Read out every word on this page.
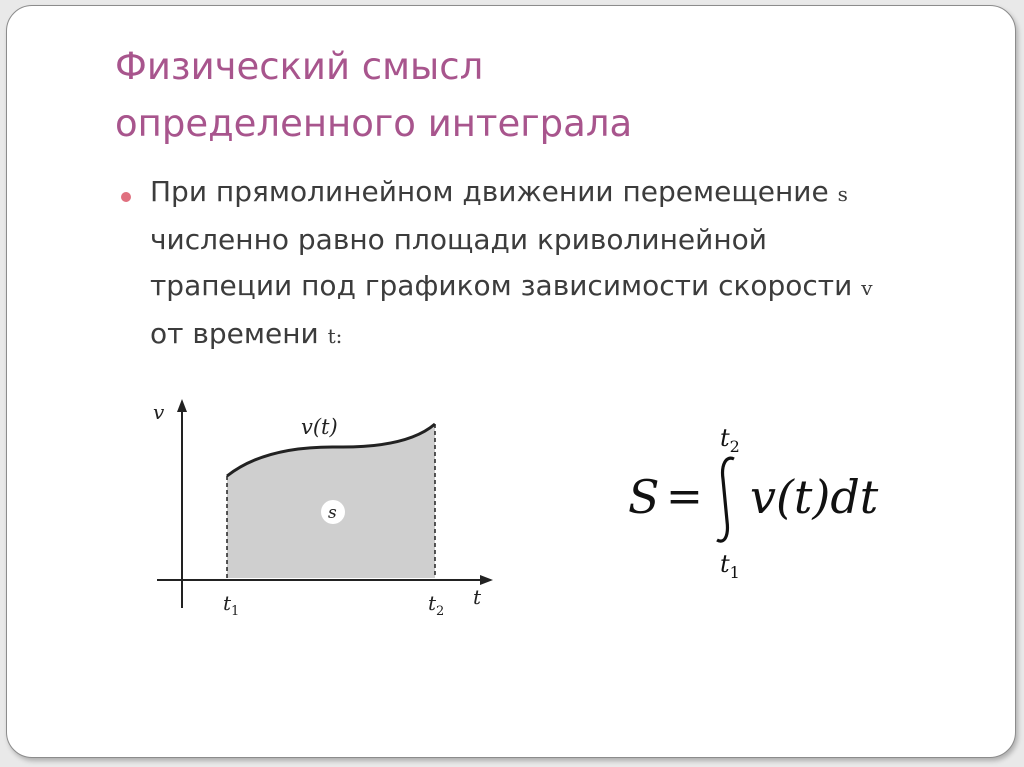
Физический смысл
определенного интеграла
При прямолинейном движении перемещение s
численно равно площади криволинейной
трапеции под графиком зависимости скорости v
от времени t:
v
t
v(t)
s
$t_1$	$t_2$
$t_2$
S = v(t)dt
$t_1$
